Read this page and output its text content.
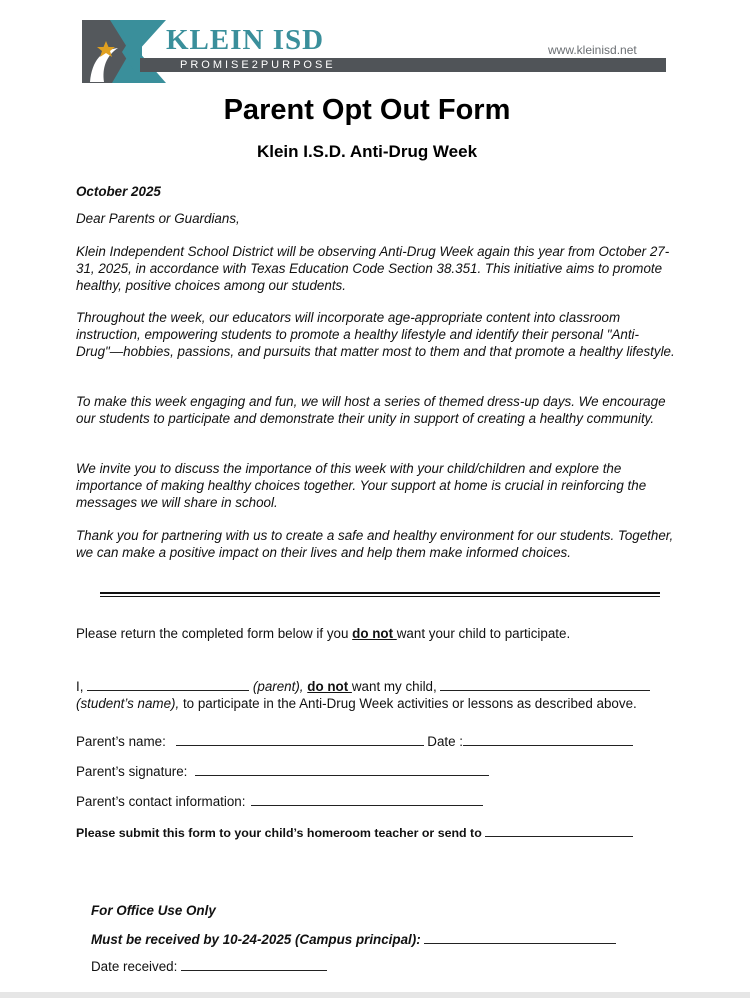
KLEIN ISD
PROMISE2PURPOSE
www.kleinisd.net
Parent Opt Out Form
Klein I.S.D. Anti-Drug Week

October 2025

Dear Parents or Guardians,

Klein Independent School District will be observing Anti-Drug Week again this year from October 27-31, 2025, in accordance with Texas Education Code Section 38.351. This initiative aims to promote healthy, positive choices among our students.

Throughout the week, our educators will incorporate age-appropriate content into classroom instruction, empowering students to promote a healthy lifestyle and identify their personal "Anti-Drug"—hobbies, passions, and pursuits that matter most to them and that promote a healthy lifestyle.

To make this week engaging and fun, we will host a series of themed dress-up days. We encourage our students to participate and demonstrate their unity in support of creating a healthy community.

We invite you to discuss the importance of this week with your child/children and explore the importance of making healthy choices together. Your support at home is crucial in reinforcing the messages we will share in school.

Thank you for partnering with us to create a safe and healthy environment for our students. Together, we can make a positive impact on their lives and help them make informed choices.

Please return the completed form below if you do not want your child to participate.
I,	(parent), do not want my child,
(student’s name), to participate in the Anti-Drug Week activities or lessons as described above.
Parent’s name:	Date :
Parent’s signature:
Parent’s contact information:
Please submit this form to your child’s homeroom teacher or send to
For Office Use Only
Must be received by 10-24-2025 (Campus principal):
Date received:
